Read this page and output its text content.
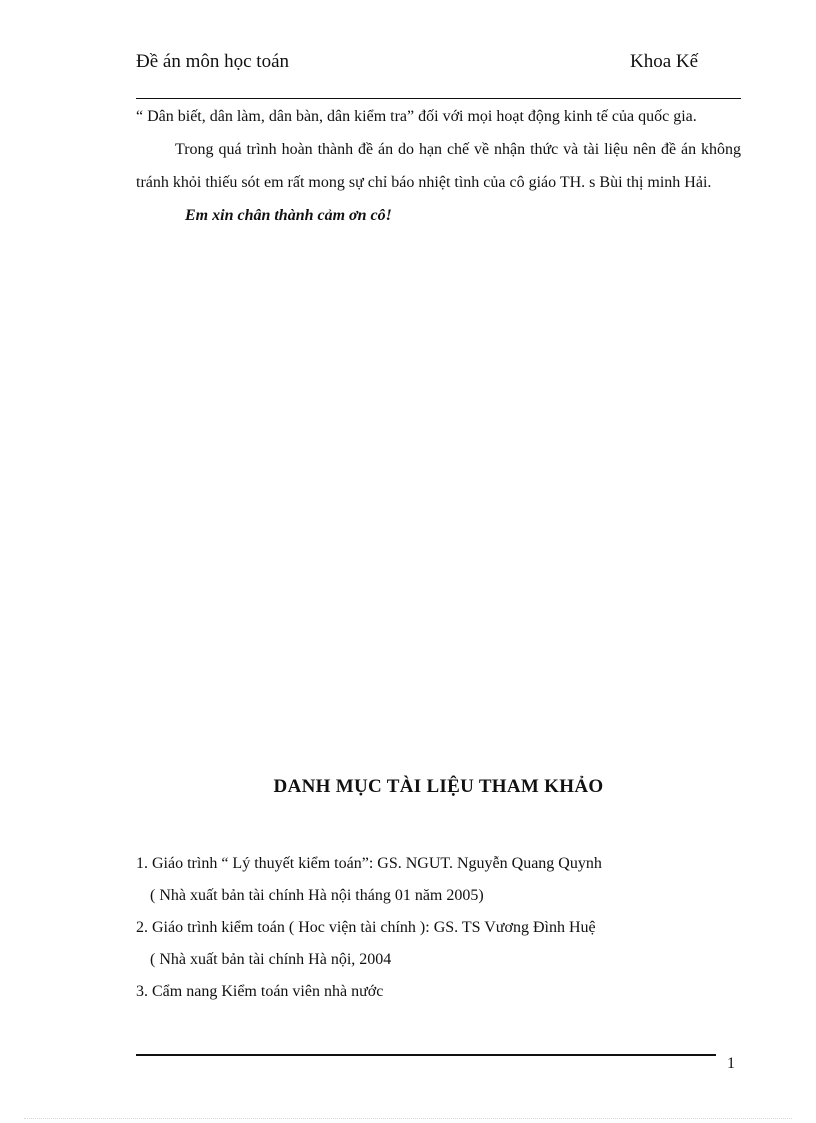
Đề án môn học toán	Khoa Kế

“ Dân biết, dân làm, dân bàn, dân kiểm tra” đối với mọi hoạt động kinh tế của quốc gia.

Trong quá trình hoàn thành đề án do hạn chế về nhận thức và tài liệu nên đề án không tránh khỏi thiếu sót em rất mong sự chỉ báo nhiệt tình của cô giáo TH. s Bùi thị minh Hải.

Em xin chân thành cảm ơn cô!

DANH MỤC TÀI LIỆU THAM KHẢO
1. Giáo trình “ Lý thuyết kiểm toán”: GS. NGUT. Nguyễn Quang Quynh
( Nhà xuất bản tài chính Hà nội tháng 01 năm 2005)
2. Giáo trình kiểm toán ( Hoc viện tài chính ): GS. TS Vương Đình Huệ
( Nhà xuất bản tài chính Hà nội, 2004
3. Cẩm nang Kiểm toán viên nhà nước
1
